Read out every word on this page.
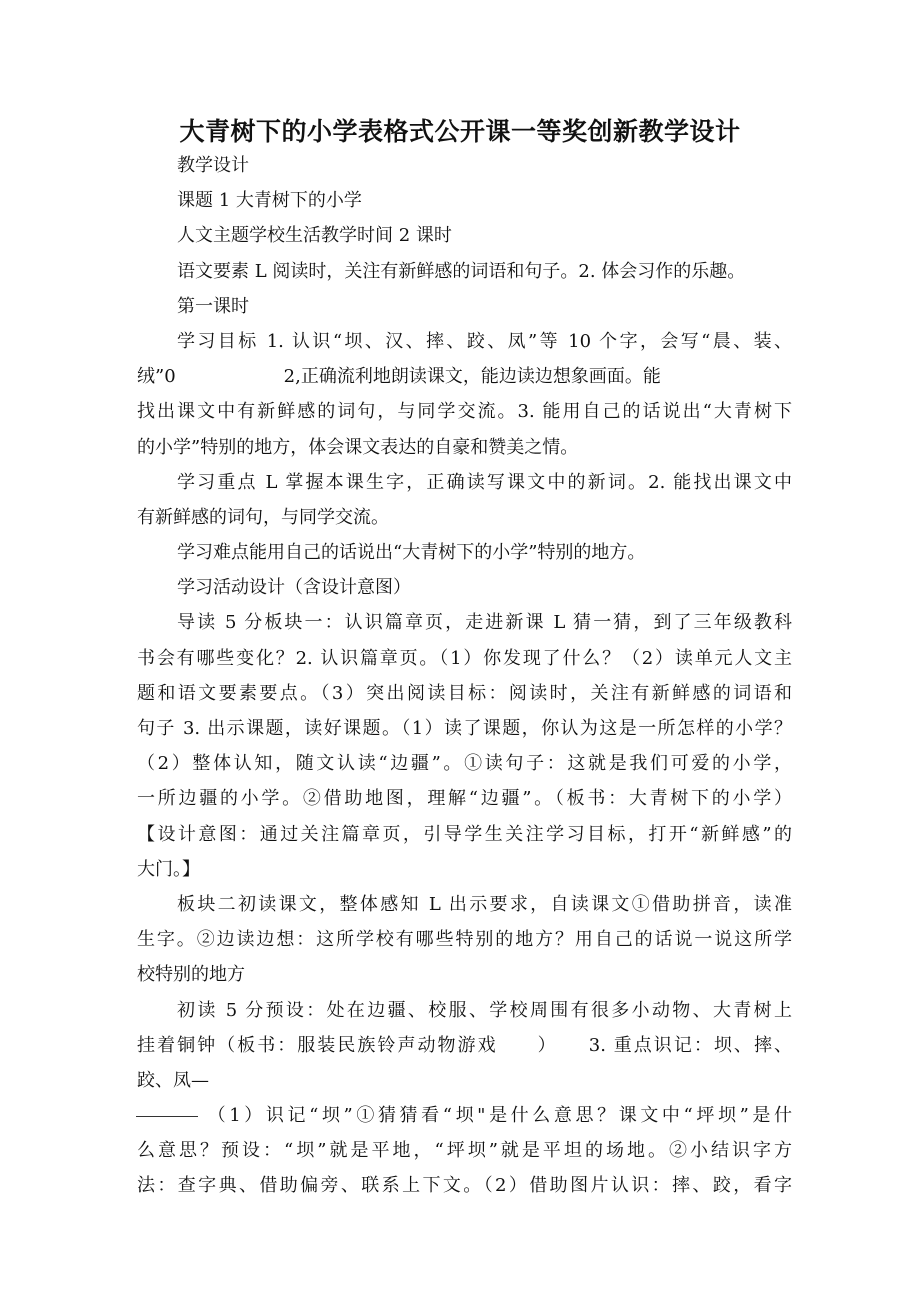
大青树下的小学表格式公开课一等奖创新教学设计
教学设计
课题 1 大青树下的小学
人文主题学校生活教学时间 2 课时
语文要素 L 阅读时，关注有新鲜感的词语和句子。2. 体会习作的乐趣。
第一课时
学习目标 1. 认识“坝、汉、摔、跤、凤”等 10 个字，会写“晨、装、
绒”0　　　　　　2,正确流利地朗读课文，能边读边想象画面。能
找出课文中有新鲜感的词句，与同学交流。3. 能用自己的话说出“大青树下
的小学”特别的地方，体会课文表达的自豪和赞美之情。
学习重点 L 掌握本课生字，正确读写课文中的新词。2. 能找出课文中
有新鲜感的词句，与同学交流。
学习难点能用自己的话说出“大青树下的小学”特别的地方。
学习活动设计（含设计意图）
导读 5 分板块一：认识篇章页，走进新课 L 猜一猜，到了三年级教科
书会有哪些变化？2. 认识篇章页。（1）你发现了什么？（2）读单元人文主
题和语文要素要点。（3）突出阅读目标：阅读时，关注有新鲜感的词语和
句子 3. 出示课题，读好课题。（1）读了课题，你认为这是一所怎样的小学？
（2）整体认知，随文认读“边疆”。①读句子：这就是我们可爱的小学，
一所边疆的小学。②借助地图，理解“边疆”。（板书：大青树下的小学）
【设计意图：通过关注篇章页，引导学生关注学习目标，打开“新鲜感”的
大门。】
板块二初读课文，整体感知 L 出示要求，自读课文①借助拼音，读准
生字。②边读边想：这所学校有哪些特别的地方？用自己的话说一说这所学
校特别的地方
初读 5 分预设：处在边疆、校服、学校周围有很多小动物、大青树上
挂着铜钟（板书：服装民族铃声动物游戏　　）　　3. 重点识记：坝、摔、
跤、凤—
（1）识记“坝”①猜猜看“坝"是什么意思？课文中“坪坝”是什
么意思？预设：“坝”就是平地，“坪坝”就是平坦的场地。②小结识字方
法：查字典、借助偏旁、联系上下文。（2）借助图片认识：摔、跤，看字
